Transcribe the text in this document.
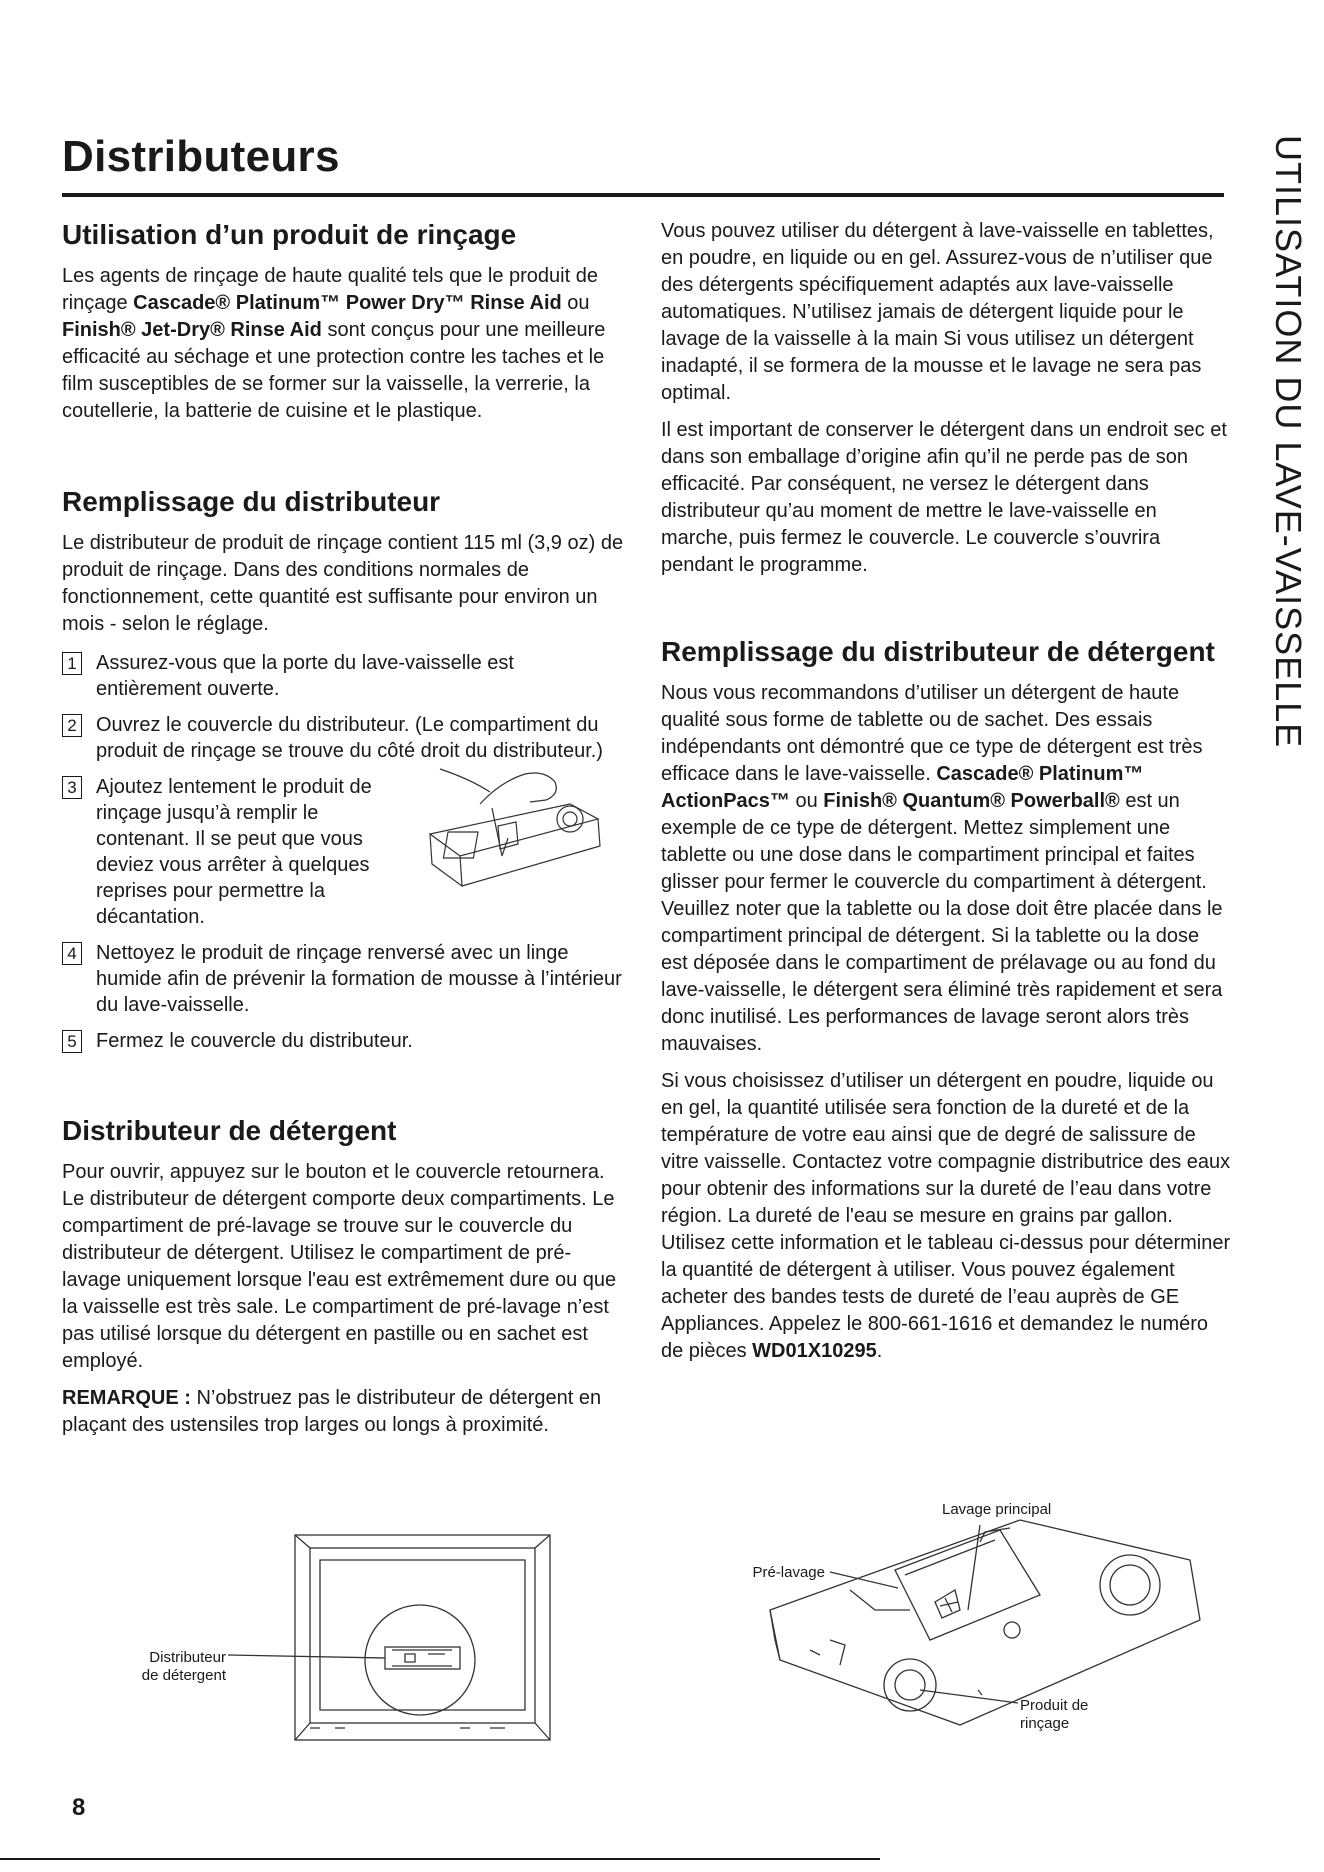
Distributeurs	UTILISATION DU LAVE-VAISSELLE
Utilisation d’un produit de rinçage

Les agents de rinçage de haute qualité tels que le produit de rinçage Cascade® Platinum™ Power Dry™ Rinse Aid ou Finish® Jet-Dry® Rinse Aid sont conçus pour une meilleure efficacité au séchage et une protection contre les taches et le film susceptibles de se former sur la vaisselle, la verrerie, la coutellerie, la batterie de cuisine et le plastique.

Remplissage du distributeur

Le distributeur de produit de rinçage contient 115 ml (3,9 oz) de produit de rinçage. Dans des conditions normales de fonctionnement, cette quantité est suffisante pour environ un mois - selon le réglage.

1 Assurez-vous que la porte du lave-vaisselle est entièrement ouverte.
2 Ouvrez le couvercle du distributeur. (Le compartiment du produit de rinçage se trouve du côté droit du distributeur.)
3 Ajoutez lentement le produit de rinçage jusqu’à remplir le contenant. Il se peut que vous deviez vous arrêter à quelques reprises pour permettre la décantation.
4 Nettoyez le produit de rinçage renversé avec un linge humide afin de prévenir la formation de mousse à l’intérieur du lave-vaisselle.
5 Fermez le couvercle du distributeur.
Distributeur de détergent

Pour ouvrir, appuyez sur le bouton et le couvercle retournera. Le distributeur de détergent comporte deux compartiments. Le compartiment de pré-lavage se trouve sur le couvercle du distributeur de détergent. Utilisez le compartiment de pré-lavage uniquement lorsque l'eau est extrêmement dure ou que la vaisselle est très sale. Le compartiment de pré-lavage n’est pas utilisé lorsque du détergent en pastille ou en sachet est employé.

REMARQUE : N’obstruez pas le distributeur de détergent en plaçant des ustensiles trop larges ou longs à proximité.

Distributeur
de détergent

Vous pouvez utiliser du détergent à lave-vaisselle en tablettes, en poudre, en liquide ou en gel. Assurez-vous de n’utiliser que des détergents spécifiquement adaptés aux lave-vaisselle automatiques. N’utilisez jamais de détergent liquide pour le lavage de la vaisselle à la main Si vous utilisez un détergent inadapté, il se formera de la mousse et le lavage ne sera pas optimal.

Il est important de conserver le détergent dans un endroit sec et dans son emballage d’origine afin qu’il ne perde pas de son efficacité. Par conséquent, ne versez le détergent dans distributeur qu’au moment de mettre le lave-vaisselle en marche, puis fermez le couvercle. Le couvercle s’ouvrira pendant le programme.

Remplissage du distributeur de détergent

Nous vous recommandons d’utiliser un détergent de haute qualité sous forme de tablette ou de sachet. Des essais indépendants ont démontré que ce type de détergent est très efficace dans le lave-vaisselle. Cascade® Platinum™ ActionPacs™ ou Finish® Quantum® Powerball® est un exemple de ce type de détergent. Mettez simplement une tablette ou une dose dans le compartiment principal et faites glisser pour fermer le couvercle du compartiment à détergent. Veuillez noter que la tablette ou la dose doit être placée dans le compartiment principal de détergent. Si la tablette ou la dose est déposée dans le compartiment de prélavage ou au fond du lave-vaisselle, le détergent sera éliminé très rapidement et sera donc inutilisé. Les performances de lavage seront alors très mauvaises.

Si vous choisissez d’utiliser un détergent en poudre, liquide ou en gel, la quantité utilisée sera fonction de la dureté et de la température de votre eau ainsi que de degré de salissure de vitre vaisselle. Contactez votre compagnie distributrice des eaux pour obtenir des informations sur la dureté de l’eau dans votre région. La dureté de l'eau se mesure en grains par gallon. Utilisez cette information et le tableau ci-dessus pour déterminer la quantité de détergent à utiliser. Vous pouvez également acheter des bandes tests de dureté de l’eau auprès de GE Appliances. Appelez le 800-661-1616 et demandez le numéro de pièces WD01X10295.

Pré-lavage
Lavage principal
Produit de
rinçage
8
